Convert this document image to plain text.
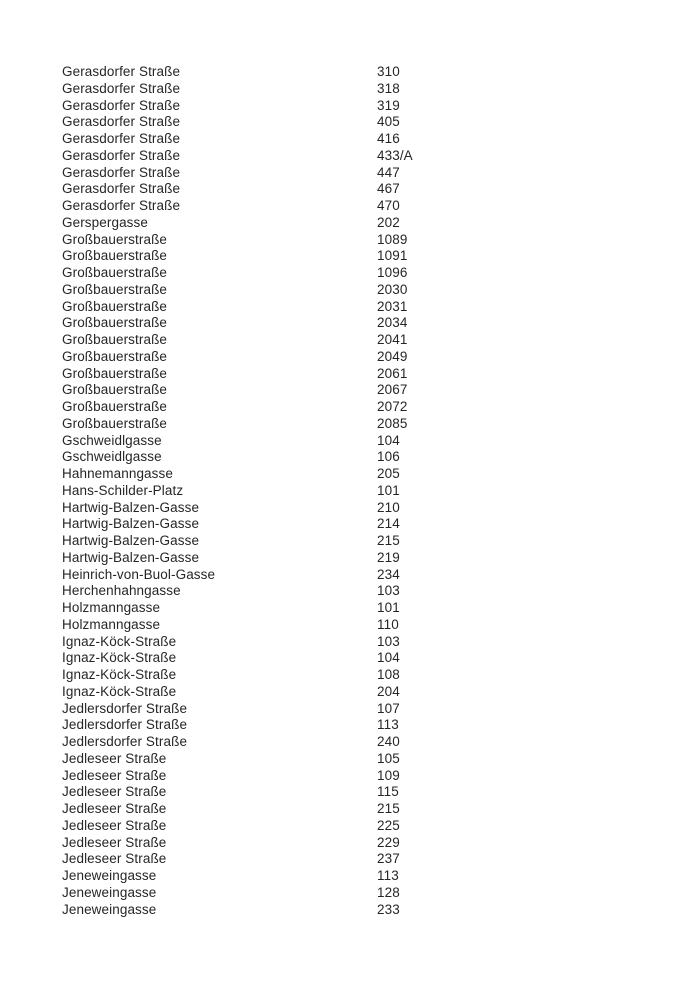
Gerasdorfer Straße	310
Gerasdorfer Straße	318
Gerasdorfer Straße	319
Gerasdorfer Straße	405
Gerasdorfer Straße	416
Gerasdorfer Straße	433/A
Gerasdorfer Straße	447
Gerasdorfer Straße	467
Gerasdorfer Straße	470
Gerspergasse	202
Großbauerstraße	1089
Großbauerstraße	1091
Großbauerstraße	1096
Großbauerstraße	2030
Großbauerstraße	2031
Großbauerstraße	2034
Großbauerstraße	2041
Großbauerstraße	2049
Großbauerstraße	2061
Großbauerstraße	2067
Großbauerstraße	2072
Großbauerstraße	2085
Gschweidlgasse	104
Gschweidlgasse	106
Hahnemanngasse	205
Hans-Schilder-Platz	101
Hartwig-Balzen-Gasse	210
Hartwig-Balzen-Gasse	214
Hartwig-Balzen-Gasse	215
Hartwig-Balzen-Gasse	219
Heinrich-von-Buol-Gasse	234
Herchenhahngasse	103
Holzmanngasse	101
Holzmanngasse	110
Ignaz-Köck-Straße	103
Ignaz-Köck-Straße	104
Ignaz-Köck-Straße	108
Ignaz-Köck-Straße	204
Jedlersdorfer Straße	107
Jedlersdorfer Straße	113
Jedlersdorfer Straße	240
Jedleseer Straße	105
Jedleseer Straße	109
Jedleseer Straße	115
Jedleseer Straße	215
Jedleseer Straße	225
Jedleseer Straße	229
Jedleseer Straße	237
Jeneweingasse	113
Jeneweingasse	128
Jeneweingasse	233
